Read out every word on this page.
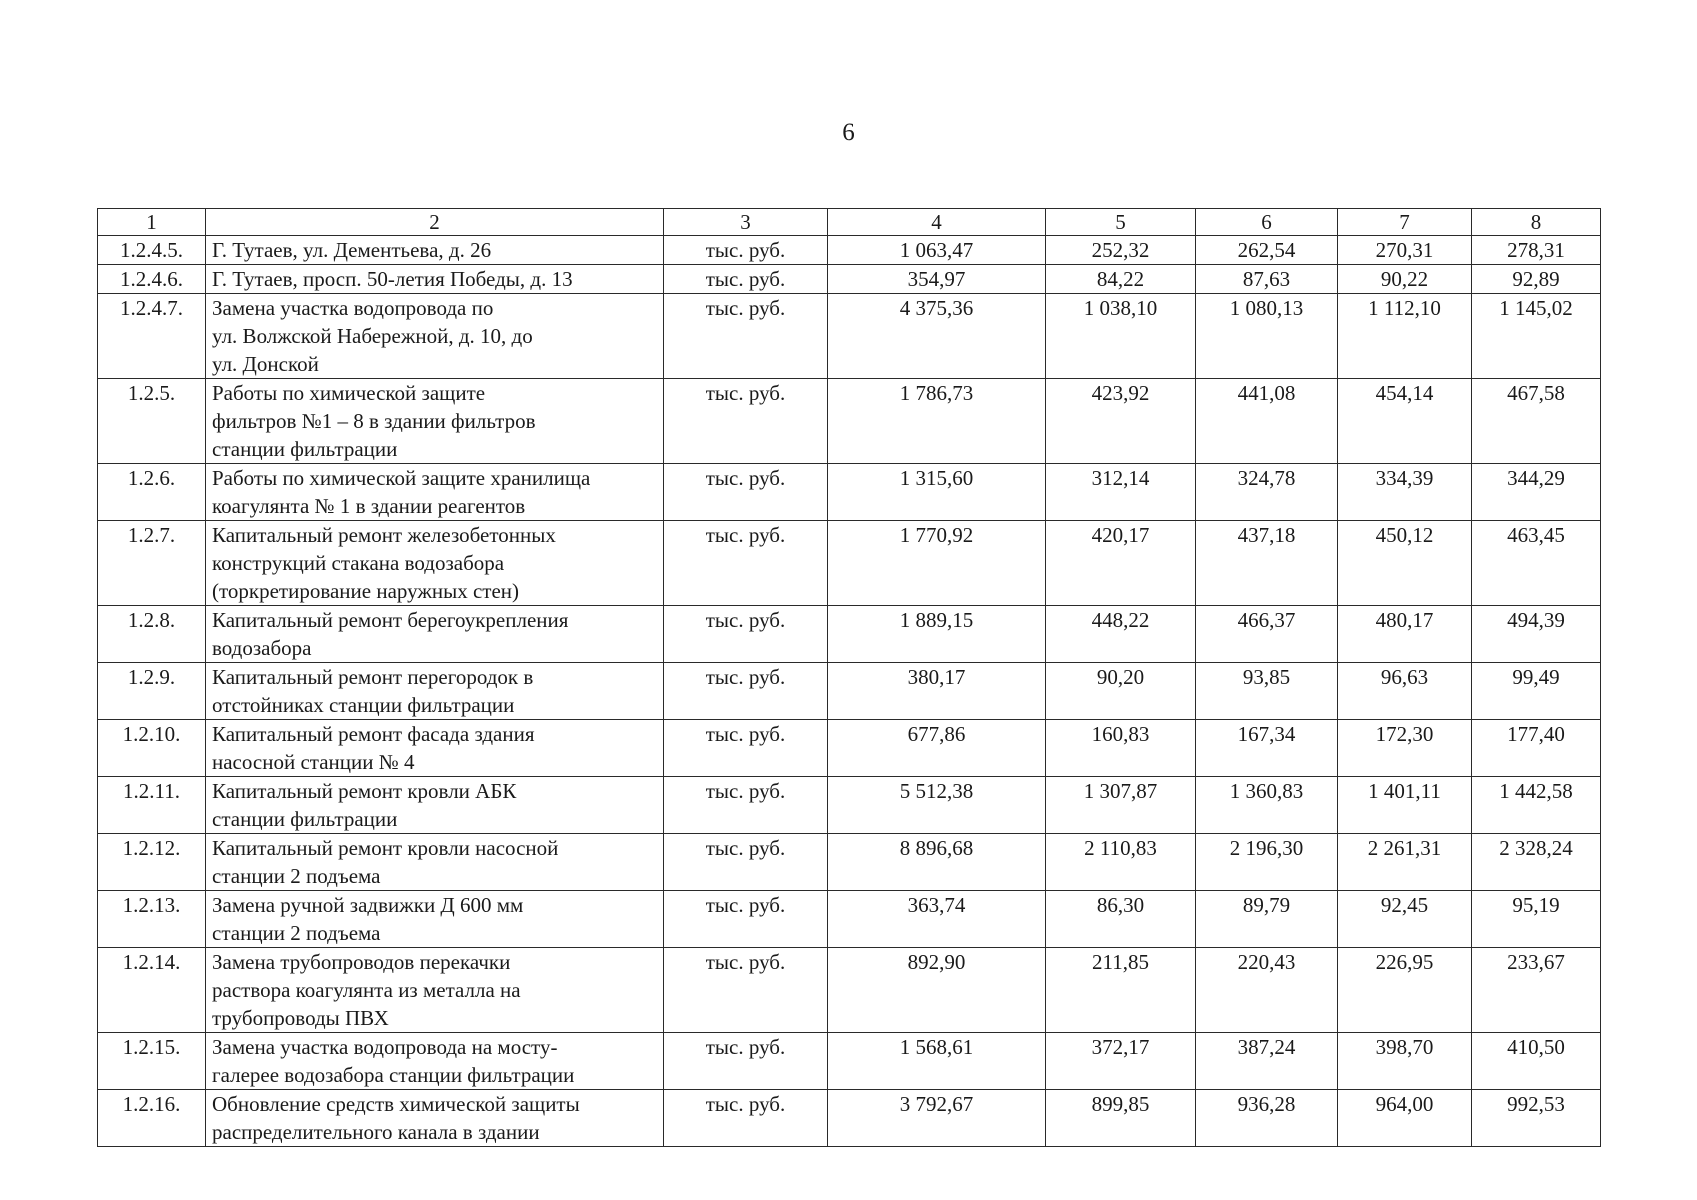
6
1	2	3	4	5	6	7	8
1.2.4.5.	Г. Тутаев, ул. Дементьева, д. 26	тыс. руб.	1 063,47	252,32	262,54	270,31	278,31
1.2.4.6.	Г. Тутаев, просп. 50-летия Победы, д. 13	тыс. руб.	354,97	84,22	87,63	90,22	92,89
1.2.4.7.	Замена участка водопровода по
ул. Волжской Набережной, д. 10, до
ул. Донской	тыс. руб.	4 375,36	1 038,10	1 080,13	1 112,10	1 145,02
1.2.5.	Работы по химической защите
фильтров №1 – 8 в здании фильтров
станции фильтрации	тыс. руб.	1 786,73	423,92	441,08	454,14	467,58
1.2.6.	Работы по химической защите хранилища
коагулянта № 1 в здании реагентов	тыс. руб.	1 315,60	312,14	324,78	334,39	344,29
1.2.7.	Капитальный ремонт железобетонных
конструкций стакана водозабора
(торкретирование наружных стен)	тыс. руб.	1 770,92	420,17	437,18	450,12	463,45
1.2.8.	Капитальный ремонт берегоукрепления
водозабора	тыс. руб.	1 889,15	448,22	466,37	480,17	494,39
1.2.9.	Капитальный ремонт перегородок в
отстойниках станции фильтрации	тыс. руб.	380,17	90,20	93,85	96,63	99,49
1.2.10.	Капитальный ремонт фасада здания
насосной станции № 4	тыс. руб.	677,86	160,83	167,34	172,30	177,40
1.2.11.	Капитальный ремонт кровли АБК
станции фильтрации	тыс. руб.	5 512,38	1 307,87	1 360,83	1 401,11	1 442,58
1.2.12.	Капитальный ремонт кровли насосной
станции 2 подъема	тыс. руб.	8 896,68	2 110,83	2 196,30	2 261,31	2 328,24
1.2.13.	Замена ручной задвижки Д 600 мм
станции 2 подъема	тыс. руб.	363,74	86,30	89,79	92,45	95,19
1.2.14.	Замена трубопроводов перекачки
раствора коагулянта из металла на
трубопроводы ПВХ	тыс. руб.	892,90	211,85	220,43	226,95	233,67
1.2.15.	Замена участка водопровода на мосту-
галерее водозабора станции фильтрации	тыс. руб.	1 568,61	372,17	387,24	398,70	410,50
1.2.16.	Обновление средств химической защиты
распределительного канала в здании	тыс. руб.	3 792,67	899,85	936,28	964,00	992,53
